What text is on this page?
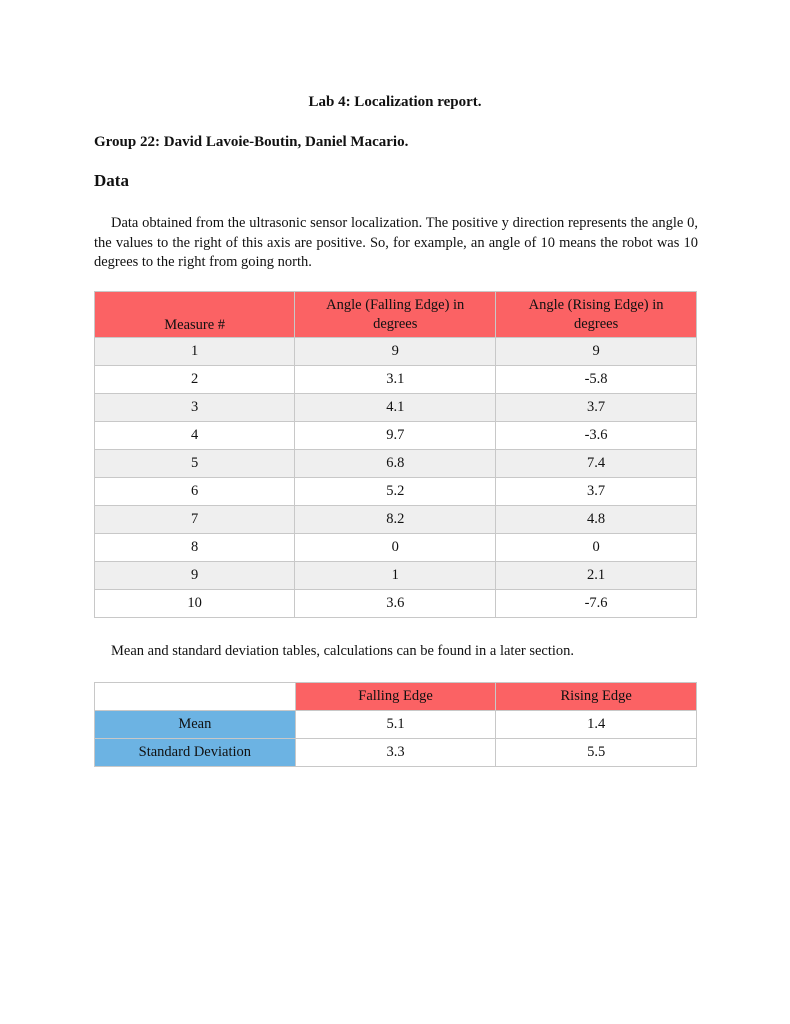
Lab 4: Localization report.
Group 22: David Lavoie-Boutin, Daniel Macario.
Data
Data obtained from the ultrasonic sensor localization. The positive y direction represents the angle 0, the values to the right of this axis are positive. So, for example, an angle of 10 means the robot was 10 degrees to the right from going north.
Measure #	Angle (Falling Edge) in degrees	Angle (Rising Edge) in degrees

1	9	9
2	3.1	-5.8
3	4.1	3.7
4	9.7	-3.6
5	6.8	7.4
6	5.2	3.7
7	8.2	4.8
8	0	0
9	1	2.1
10	3.6	-7.6
Mean and standard deviation tables, calculations can be found in a later section.
	Falling Edge	Rising Edge
Mean	5.1	1.4
Standard Deviation	3.3	5.5
